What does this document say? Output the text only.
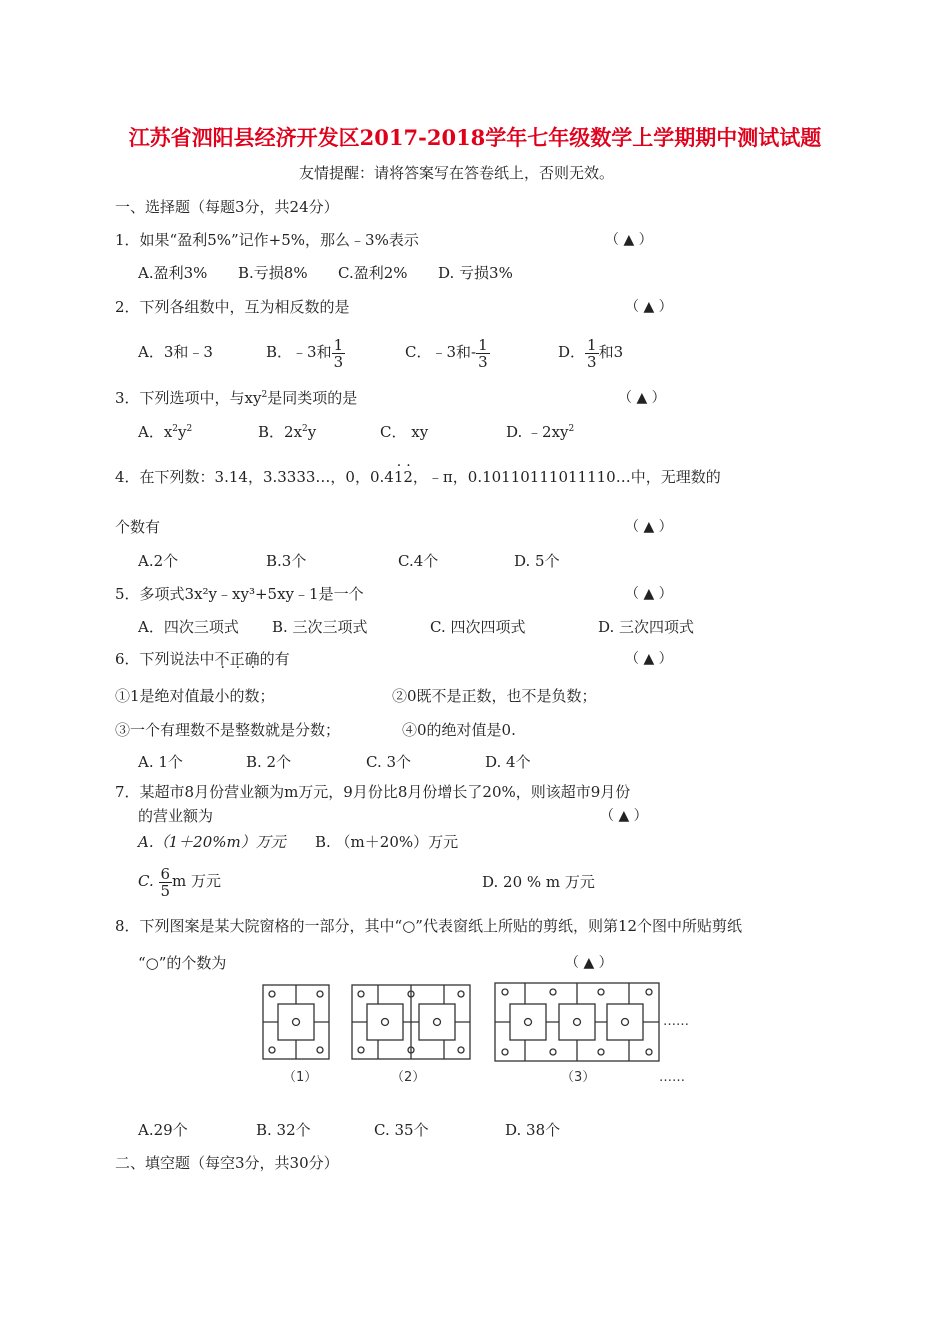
江苏省泗阳县经济开发区2017-2018学年七年级数学上学期期中测试试题
友情提醒：请将答案写在答卷纸上，否则无效。
一、选择题（每题3分，共24分）
1．如果“盈利5%”记作+5%，那么﹣3%表示	（ ▲ ）
A.盈利3% B.亏损8% C.盈利2% D. 亏损3%
2．下列各组数中，互为相反数的是	（ ▲ ）
A．3和﹣3	B．﹣3和 $\frac{1}{3}$	C．﹣3和- $\frac{1}{3}$	D． $\frac{1}{3}$ 和3
3．下列选项中，与$xy^2$是同类项的是	（ ▲ ）
A．$x^2y^2$	B．$2x^2y$	C． xy	D. $﹣2xy^2$
4．在下列数：3.14，3.3333…，0，0.4· 1· 2，﹣π，0.10110111011110…中，无理数的
个数有	（ ▲ ）
A.2个	B.3个	C.4个	D. 5个
5．多项式3x²y﹣xy³+5xy﹣1是一个	（ ▲ ）
A．四次三项式 B. 三次三项式	C. 四次四项式	D. 三次四项式
6．下列说法中不正确的有	（ ▲ ）
①1是绝对值最小的数；	②0既不是正数，也不是负数；
③一个有理数不是整数就是分数；	④0的绝对值是0.
A. 1个	B. 2个	C. 3个	D. 4个
7．某超市8月份营业额为m万元，9月份比8月份增长了20%，则该超市9月份
的营业额为	（ ▲ ）
A.（1＋20%m）万元 B. （m＋20%）万元
C. $\frac{6}{5}$ m 万元	D. 20 % m 万元
8．下列图案是某大院窗格的一部分，其中“○”代表窗纸上所贴的剪纸，则第12个图中所贴剪纸
“○”的个数为	（ ▲ ）
……
（1）	（2）	（3）	……
A.29个	B. 32个	C. 35个	D. 38个
二、填空题（每空3分，共30分）
